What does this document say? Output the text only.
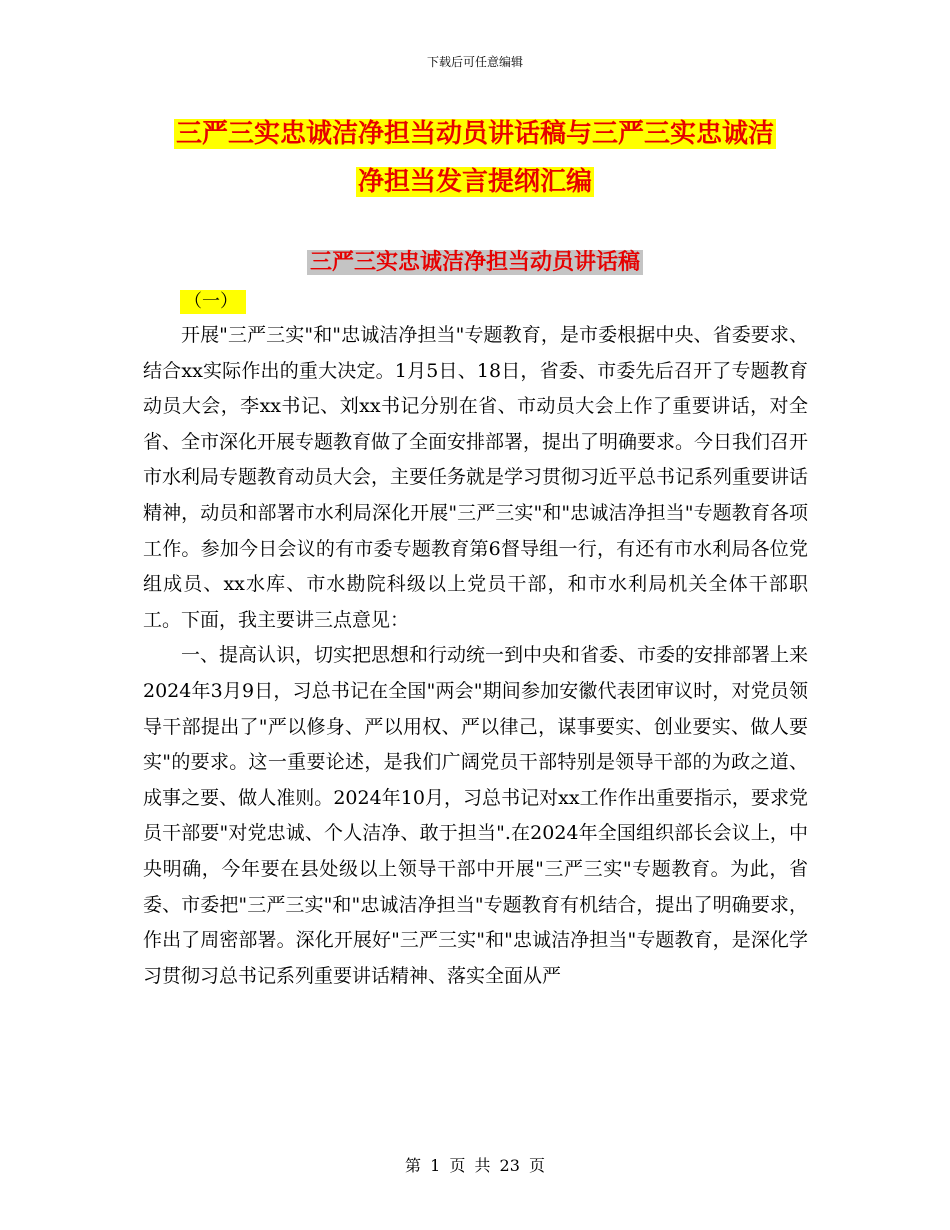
下载后可任意编辑
三严三实忠诚洁净担当动员讲话稿与三严三实忠诚洁
净担当发言提纲汇编
三严三实忠诚洁净担当动员讲话稿
（一）

开展"三严三实"和"忠诚洁净担当"专题教育，是市委根据中央、省委要求、结合xx实际作出的重大决定。1月5日、18日，省委、市委先后召开了专题教育动员大会，李xx书记、刘xx书记分别在省、市动员大会上作了重要讲话，对全省、全市深化开展专题教育做了全面安排部署，提出了明确要求。今日我们召开市水利局专题教育动员大会，主要任务就是学习贯彻习近平总书记系列重要讲话精神，动员和部署市水利局深化开展"三严三实"和"忠诚洁净担当"专题教育各项工作。参加今日会议的有市委专题教育第6督导组一行，有还有市水利局各位党组成员、xx水库、市水勘院科级以上党员干部，和市水利局机关全体干部职工。下面，我主要讲三点意见：

一、提高认识，切实把思想和行动统一到中央和省委、市委的安排部署上来2024年3月9日，习总书记在全国"两会"期间参加安徽代表团审议时，对党员领导干部提出了"严以修身、严以用权、严以律己，谋事要实、创业要实、做人要实"的要求。这一重要论述，是我们广阔党员干部特别是领导干部的为政之道、成事之要、做人准则。2024年10月，习总书记对xx工作作出重要指示，要求党员干部要"对党忠诚、个人洁净、敢于担当".在2024年全国组织部长会议上，中央明确，今年要在县处级以上领导干部中开展"三严三实"专题教育。为此，省委、市委把"三严三实"和"忠诚洁净担当"专题教育有机结合，提出了明确要求，作出了周密部署。深化开展好"三严三实"和"忠诚洁净担当"专题教育，是深化学习贯彻习总书记系列重要讲话精神、落实全面从严

第 1 页 共 23 页
